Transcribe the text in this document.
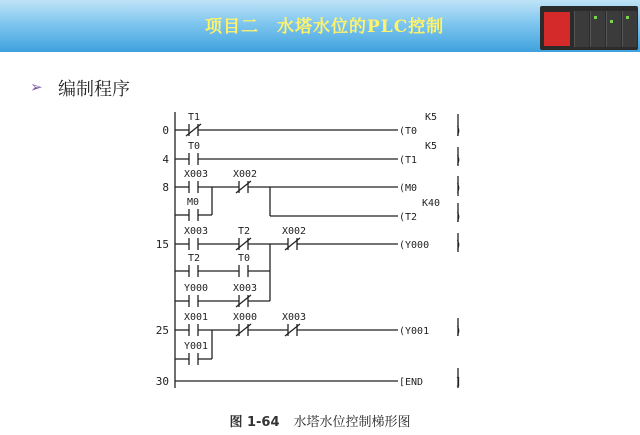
项目二　水塔水位的PLC控制
➢ 编制程序
0
4
8
15
25
30
T1
T0
X003 X002
M0
X003	T2	X002
T2	T0
Y000 X003
X001 X000 X003
Y001
(T0
(T1
(M0
(T2
(Y000
(Y001
[END
)
)
)
)
)
)
]
K5
K5
K40
图 1-64 水塔水位控制梯形图
